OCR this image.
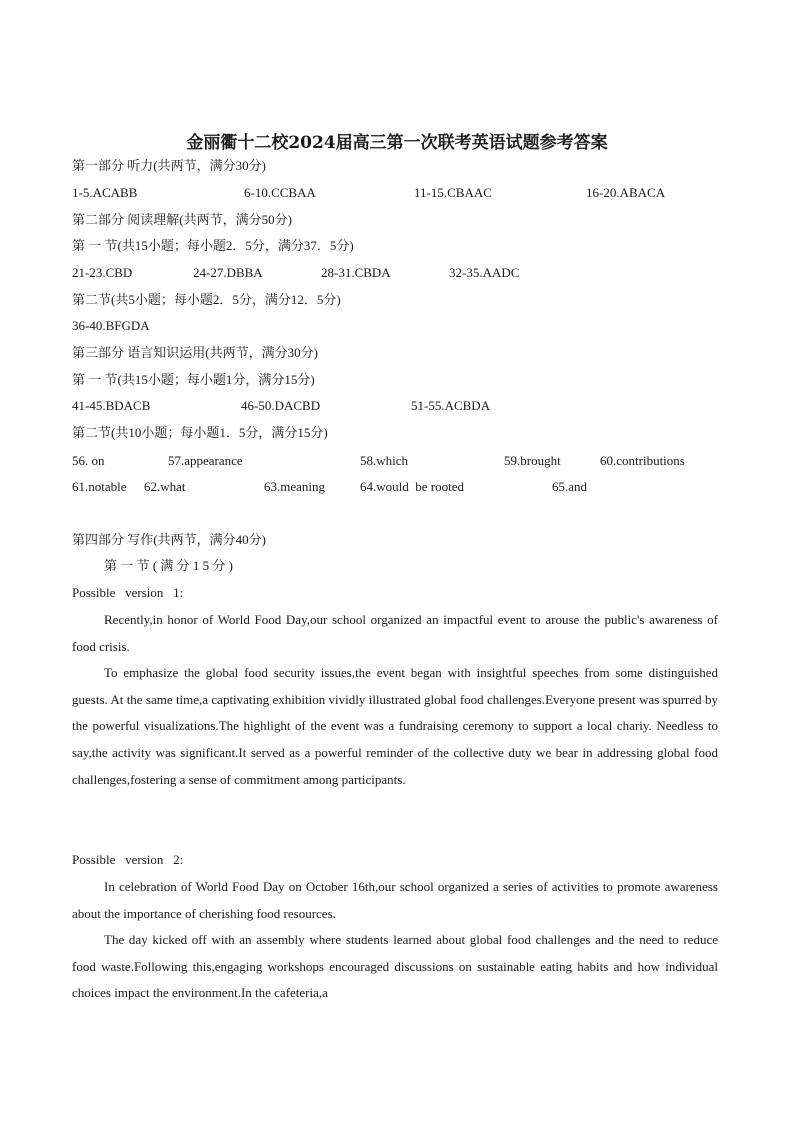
金丽衢十二校2024届高三第一次联考英语试题参考答案
第一部分 听力(共两节，满分30分)
1-5.ACABB	6-10.CCBAA	11-15.CBAAC	16-20.ABACA
第二部分 阅读理解(共两节，满分50分)
第 一 节(共15小题；每小题2．5分，满分37．5分)
21-23.CBD	24-27.DBBA	28-31.CBDA	32-35.AADC
第二节(共5小题；每小题2．5分，满分12．5分)
36-40.BFGDA
第三部分 语言知识运用(共两节，满分30分)
第 一 节(共15小题；每小题1分，满分15分)
41-45.BDACB	46-50.DACBD	51-55.ACBDA
第二节(共10小题；每小题1．5分，满分15分)
56. on	57.appearance	58.which	59.brought	60.contributions
61.notable 62.what	63.meaning	64.would  be rooted	65.and
第四部分 写作(共两节，满分40分)
第 一 节 ( 满 分 1 5 分 )
Possible   version   1:
Recently,in honor of World Food Day,our school organized an impactful event to arouse the public's awareness of food crisis.
To emphasize the global food security issues,the event began with insightful speeches from some distinguished guests. At the same time,a captivating exhibition vividly illustrated global food challenges.Everyone present was spurred by the powerful visualizations.The highlight of the event was a fundraising ceremony to support a local chariy. Needless to say,the activity was significant.It served as a powerful reminder of the collective duty we bear in addressing global food challenges,fostering a sense of commitment among participants.
Possible   version   2:
In celebration of World Food Day on October 16th,our school organized a series of activities to promote awareness about the importance of cherishing food resources.
The day kicked off with an assembly where students learned about global food challenges and the need to reduce food waste.Following this,engaging workshops encouraged discussions on sustainable eating habits and how individual choices impact the environment.In the cafeteria,a
